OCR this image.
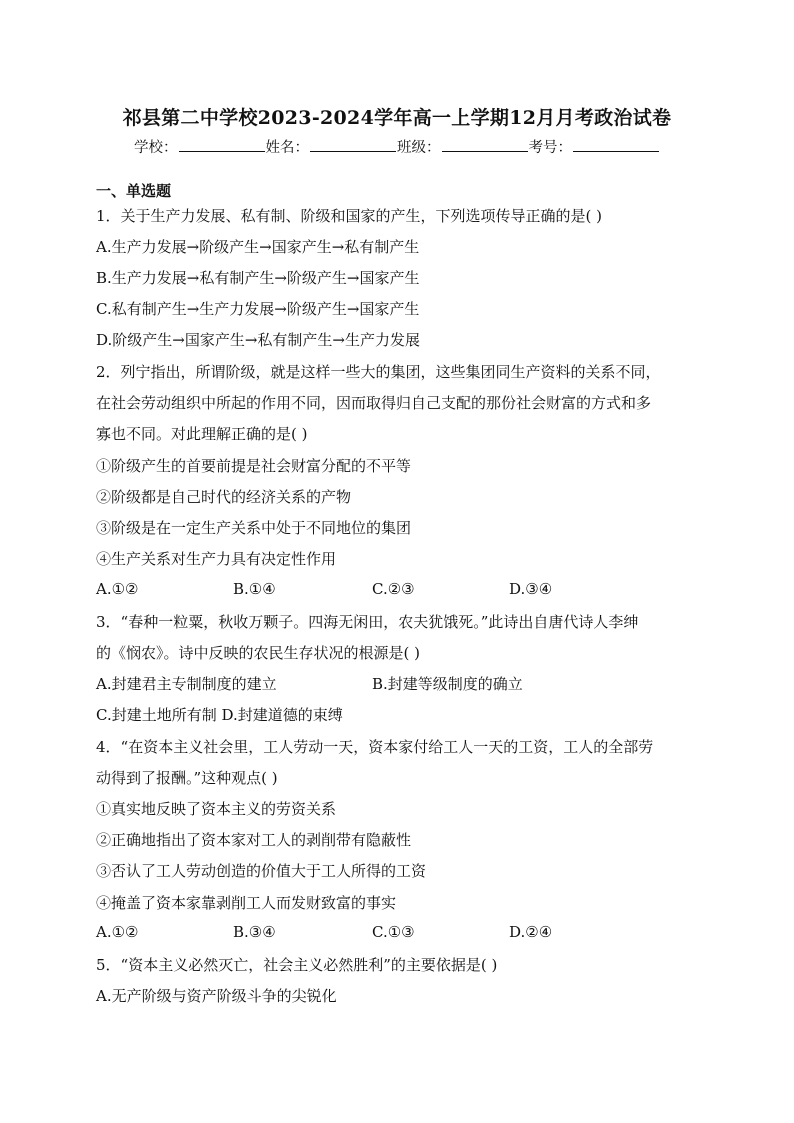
祁县第二中学校2023-2024学年高一上学期12月月考政治试卷
学校：	姓名：	班级：	考号：
一、单选题
1．关于生产力发展、私有制、阶级和国家的产生，下列选项传导正确的是( )
A.生产力发展→阶级产生→国家产生→私有制产生
B.生产力发展→私有制产生→阶级产生→国家产生
C.私有制产生→生产力发展→阶级产生→国家产生
D.阶级产生→国家产生→私有制产生→生产力发展
2．列宁指出，所谓阶级，就是这样一些大的集团，这些集团同生产资料的关系不同，
在社会劳动组织中所起的作用不同，因而取得归自己支配的那份社会财富的方式和多
寡也不同。对此理解正确的是( )
①阶级产生的首要前提是社会财富分配的不平等
②阶级都是自己时代的经济关系的产物
③阶级是在一定生产关系中处于不同地位的集团
④生产关系对生产力具有决定性作用
A.①②	B.①④	C.②③	D.③④
3．“春种一粒粟，秋收万颗子。四海无闲田，农夫犹饿死。”此诗出自唐代诗人李绅
的《悯农》。诗中反映的农民生存状况的根源是( )
A.封建君主专制制度的建立	B.封建等级制度的确立
C.封建土地所有制 D.封建道德的束缚
4．“在资本主义社会里，工人劳动一天，资本家付给工人一天的工资，工人的全部劳
动得到了报酬。”这种观点( )
①真实地反映了资本主义的劳资关系
②正确地指出了资本家对工人的剥削带有隐蔽性
③否认了工人劳动创造的价值大于工人所得的工资
④掩盖了资本家靠剥削工人而发财致富的事实
A.①②	B.③④	C.①③	D.②④
5．“资本主义必然灭亡，社会主义必然胜利”的主要依据是( )
A.无产阶级与资产阶级斗争的尖锐化
